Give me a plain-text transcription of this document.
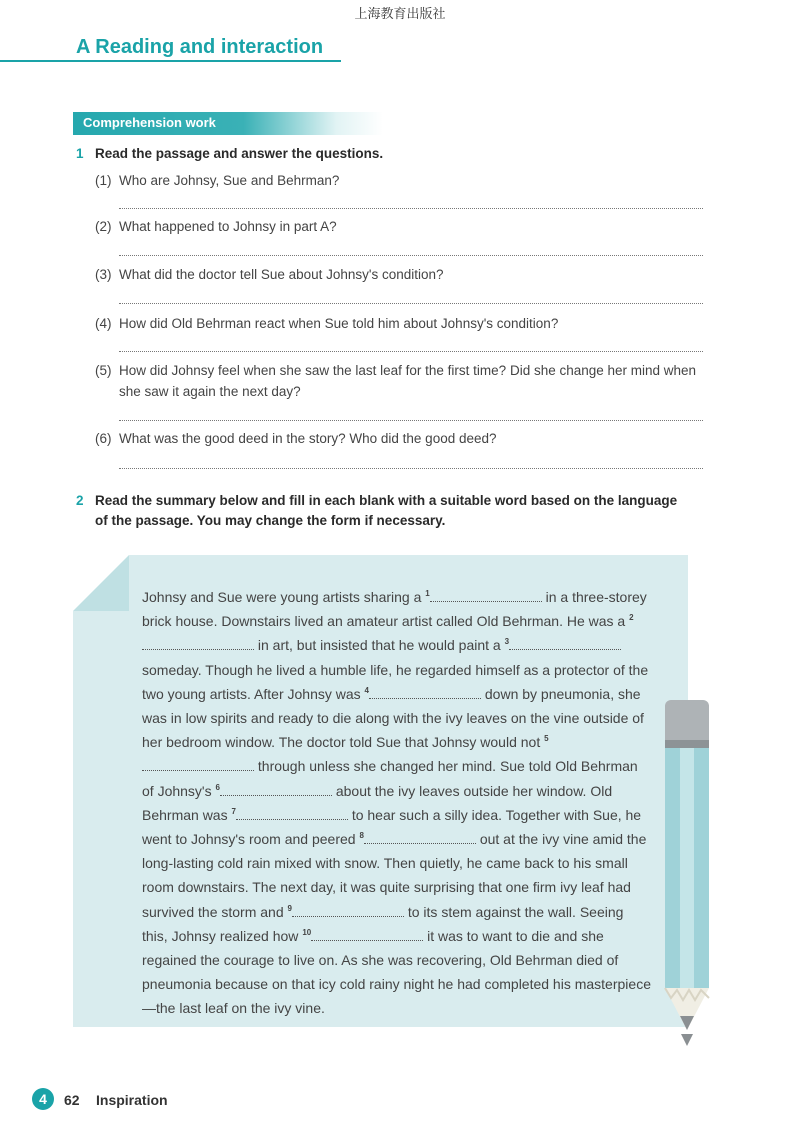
上海教育出版社
A Reading and interaction
Comprehension work
1 Read the passage and answer the questions.
(1) Who are Johnsy, Sue and Behrman?
(2) What happened to Johnsy in part A?
(3) What did the doctor tell Sue about Johnsy's condition?
(4) How did Old Behrman react when Sue told him about Johnsy's condition?
(5) How did Johnsy feel when she saw the last leaf for the first time? Did she change her mind when she saw it again the next day?
(6) What was the good deed in the story? Who did the good deed?
2 Read the summary below and fill in each blank with a suitable word based on the language of the passage. You may change the form if necessary.
Johnsy and Sue were young artists sharing a $^1$	in a three-storey brick house. Downstairs lived an amateur artist called Old Behrman. He was a $^2$ in art, but insisted that he would paint a $^3$ someday. Though he lived a humble life, he regarded himself as a protector of the two young artists. After Johnsy was $^4$	down by pneumonia, she was in low spirits and ready to die along with the ivy leaves on the vine outside of her bedroom window. The doctor told Sue that Johnsy would not $^5$ through unless she changed her mind. Sue told Old Behrman of Johnsy's $^6$	about the ivy leaves outside her window. Old Behrman was $^7$	to hear such a silly idea. Together with Sue, he went to Johnsy's room and peered $^8$	out at the ivy vine amid the long-lasting cold rain mixed with snow. Then quietly, he came back to his small room downstairs. The next day, it was quite surprising that one firm ivy leaf had survived the storm and $^9$	to its stem against the wall. Seeing this, Johnsy realized how $^{10}$	it was to want to die and she regained the courage to live on. As she was recovering, Old Behrman died of pneumonia because on that icy cold rainy night he had completed his masterpiece—the last leaf on the ivy vine.
4	62 Inspiration
